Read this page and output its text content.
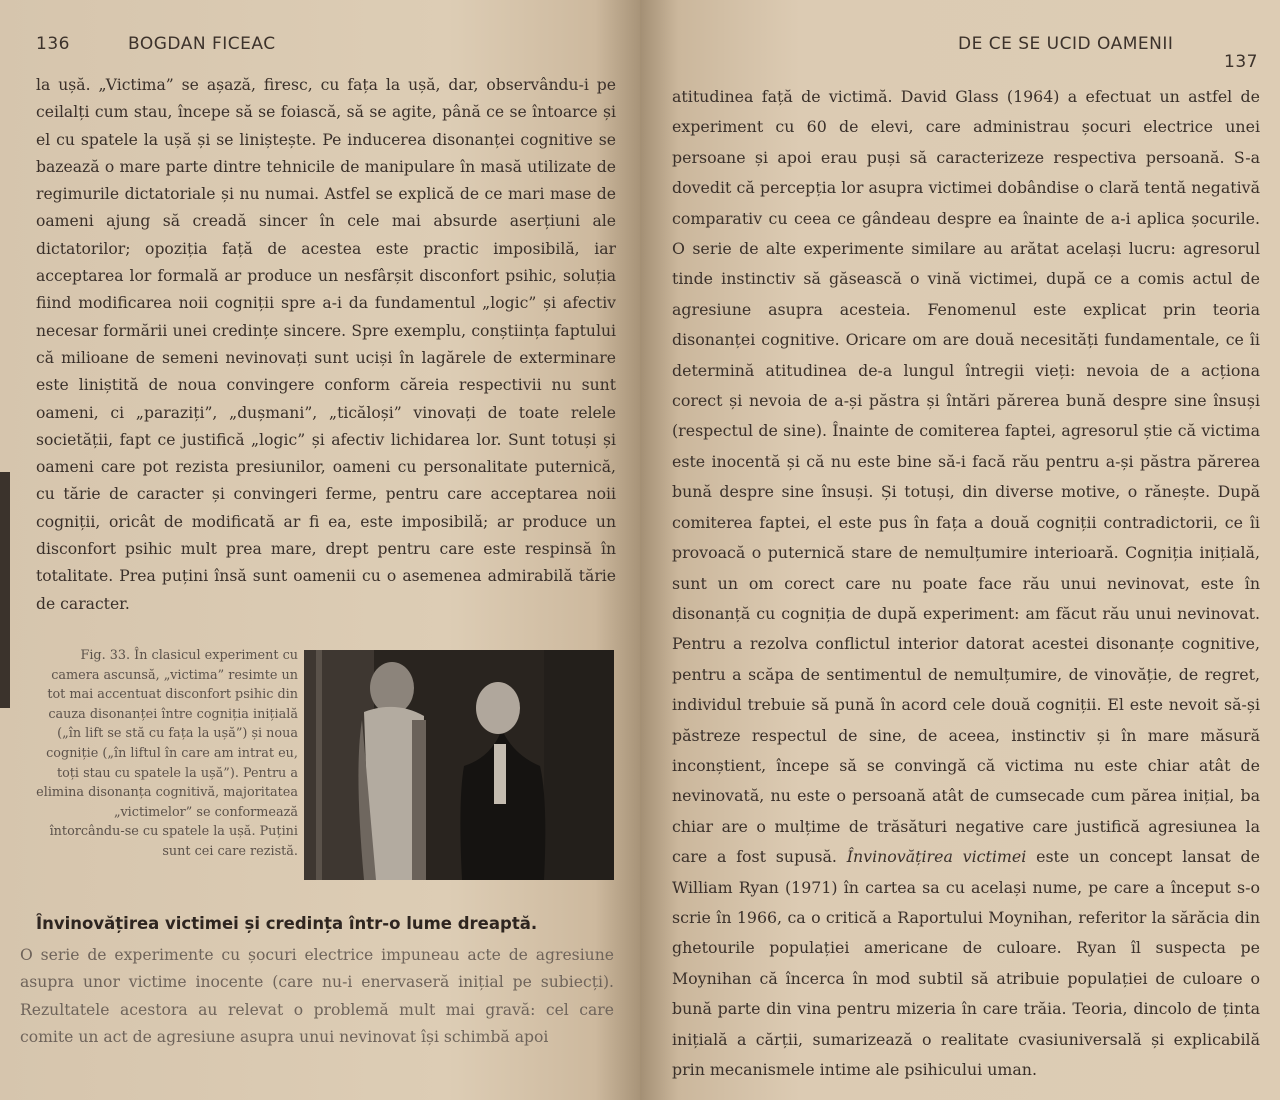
136	BOGDAN FICEAC

la ușă. „Victima” se așază, firesc, cu fața la ușă, dar, observându-i pe ceilalți cum stau, începe să se foiască, să se agite, până ce se întoarce și el cu spatele la ușă și se liniștește. Pe inducerea disonanței cognitive se bazează o mare parte dintre tehnicile de manipulare în masă utilizate de regimurile dictatoriale și nu numai. Astfel se explică de ce mari mase de oameni ajung să creadă sincer în cele mai absurde aserțiuni ale dictatorilor; opoziția față de acestea este practic imposibilă, iar acceptarea lor formală ar produce un nesfârșit disconfort psihic, soluția fiind modificarea noii cogniții spre a-i da fundamentul „logic” și afectiv necesar formării unei credințe sincere. Spre exemplu, conștiința faptului că milioane de semeni nevinovați sunt uciși în lagărele de exterminare este liniștită de noua convingere conform căreia respectivii nu sunt oameni, ci „paraziți”, „dușmani”, „ticăloși” vinovați de toate relele societății, fapt ce justifică „logic” și afectiv lichidarea lor. Sunt totuși și oameni care pot rezista presiunilor, oameni cu personalitate puternică, cu tărie de caracter și convingeri ferme, pentru care acceptarea noii cogniții, oricât de modificată ar fi ea, este imposibilă; ar produce un disconfort psihic mult prea mare, drept pentru care este respinsă în totalitate. Prea puțini însă sunt oamenii cu o asemenea admirabilă tărie de caracter.

Fig. 33. În clasicul experiment cu camera ascunsă, „victima” resimte un tot mai accentuat disconfort psihic din cauza disonanței între cogniția inițială („în lift se stă cu fața la ușă”) și noua cogniție („în liftul în care am intrat eu, toți stau cu spatele la ușă”). Pentru a elimina disonanța cognitivă, majoritatea „victimelor” se conformează întorcându-se cu spatele la ușă. Puțini sunt cei care rezistă.
Învinovățirea victimei și credința într-o lume dreaptă.

O serie de experimente cu șocuri electrice impuneau acte de agresiune asupra unor victime inocente (care nu-i enervaseră inițial pe subiecți). Rezultatele acestora au relevat o problemă mult mai gravă: cel care comite un act de agresiune asupra unui nevinovat își schimbă apoi

DE CE SE UCID OAMENII
137

atitudinea față de victimă. David Glass (1964) a efectuat un astfel de experiment cu 60 de elevi, care administrau șocuri electrice unei persoane și apoi erau puși să caracterizeze respectiva persoană. S-a dovedit că percepția lor asupra victimei dobândise o clară tentă negativă comparativ cu ceea ce gândeau despre ea înainte de a-i aplica șocurile. O serie de alte experimente similare au arătat același lucru: agresorul tinde instinctiv să găsească o vină victimei, după ce a comis actul de agresiune asupra acesteia. Fenomenul este explicat prin teoria disonanței cognitive. Oricare om are două necesități fundamentale, ce îi determină atitudinea de-a lungul întregii vieți: nevoia de a acționa corect și nevoia de a-și păstra și întări părerea bună despre sine însuși (respectul de sine). Înainte de comiterea faptei, agresorul știe că victima este inocentă și că nu este bine să-i facă rău pentru a-și păstra părerea bună despre sine însuși. Și totuși, din diverse motive, o rănește. După comiterea faptei, el este pus în fața a două cogniții contradictorii, ce îi provoacă o puternică stare de nemulțumire interioară. Cogniția inițială, sunt un om corect care nu poate face rău unui nevinovat, este în disonanță cu cogniția de după experiment: am făcut rău unui nevinovat. Pentru a rezolva conflictul interior datorat acestei disonanțe cognitive, pentru a scăpa de sentimentul de nemulțumire, de vinovăție, de regret, individul trebuie să pună în acord cele două cogniții. El este nevoit să-și păstreze respectul de sine, de aceea, instinctiv și în mare măsură inconștient, începe să se convingă că victima nu este chiar atât de nevinovată, nu este o persoană atât de cumsecade cum părea inițial, ba chiar are o mulțime de trăsături negative care justifică agresiunea la care a fost supusă. Învinovățirea victimei este un concept lansat de William Ryan (1971) în cartea sa cu același nume, pe care a început s-o scrie în 1966, ca o critică a Raportului Moynihan, referitor la sărăcia din ghetourile populației americane de culoare. Ryan îl suspecta pe Moynihan că încerca în mod subtil să atribuie populației de culoare o bună parte din vina pentru mizeria în care trăia. Teoria, dincolo de ținta inițială a cărții, sumarizează o realitate cvasiuniversală și explicabilă prin mecanismele intime ale psihicului uman.
